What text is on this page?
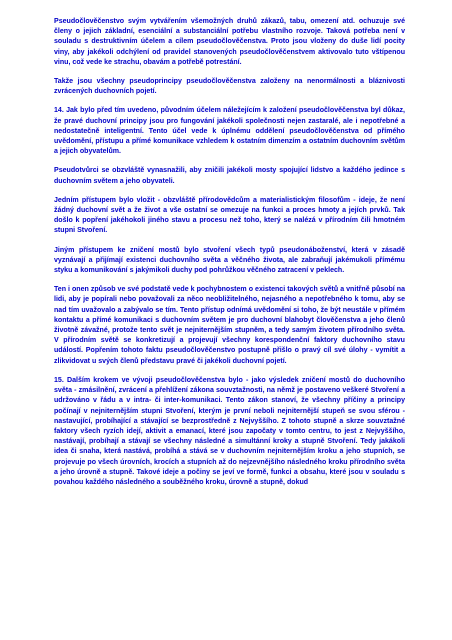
Pseudočlověčenstvo svým vytvářením všemožných druhů zákazů, tabu, omezení atd. ochuzuje své členy o jejich základní, esenciální a substanciální potřebu vlastního rozvoje. Taková potřeba není v souladu s destruktivním účelem a cílem pseudočlověčenstva. Proto jsou vloženy do duše lidí pocity viny, aby jakékoli odchýlení od pravidel stanovených pseudočlověčenstvem aktivovalo tuto vštípenou vinu, což vede ke strachu, obavám a potřebě potrestání.

Takže jsou všechny pseudoprincipy pseudočlověčenstva založeny na nenormálnosti a bláznivosti zvrácených duchovních pojetí.

14. Jak bylo před tím uvedeno, původním účelem náležejícím k založení pseudočlověčenstva byl důkaz, že pravé duchovní principy jsou pro fungování jakékoli společnosti nejen zastaralé, ale i nepotřebné a nedostatečně inteligentní. Tento účel vede k úplnému oddělení pseudočlověčenstva od přímého uvědomění, přístupu a přímé komunikace vzhledem k ostatním dimenzím a ostatním duchovním světům a jejich obyvatelům.

Pseudotvůrci se obzvláště vynasnažili, aby zničili jakékoli mosty spojující lidstvo a každého jedince s duchovním světem a jeho obyvateli.

Jedním přístupem bylo vložit - obzvláště přírodovědcům a materialistickým filosofům - ideje, že není žádný duchovní svět a že život a vše ostatní se omezuje na funkci a proces hmoty a jejích prvků. Tak došlo k popření jakéhokoli jiného stavu a procesu než toho, který se nalézá v přírodním čili hmotném stupni Stvoření.

Jiným přístupem ke zničení mostů bylo stvoření všech typů pseudonáboženství, která v zásadě vyznávají a přijímají existenci duchovního světa a věčného života, ale zabraňují jakémukoli přímému styku a komunikování s jakýmikoli duchy pod pohrůžkou věčného zatracení v peklech.

Ten i onen způsob ve své podstatě vede k pochybnostem o existenci takových světů a vnitřně působí na lidi, aby je popírali nebo považovali za něco neobližitelného, nejasného a nepotřebného k tomu, aby se nad tím uvažovalo a zabývalo se tím. Tento přístup odnímá uvědomění si toho, že být neustále v přímém kontaktu a přímé komunikaci s duchovním světem je pro duchovní blahobyt člověčenstva a jeho členů životně závažné, protože tento svět je nejniternějším stupněm, a tedy samým životem přírodního světa. V přírodním světě se konkretizují a projevují všechny korespondenční faktory duchovního stavu událostí. Popřením tohoto faktu pseudočlověčenstvo postupně přišlo o pravý cíl své úlohy - vymítit a zlikvidovat u svých členů představu pravé či jakékoli duchovní pojetí.

15. Dalším krokem ve vývoji pseudočlověčenstva bylo - jako výsledek zničení mostů do duchovního světa - zmásilnění, zvrácení a přehlížení zákona souvztažnosti, na němž je postaveno veškeré Stvoření a udržováno v řádu a v intra- či inter-komunikaci. Tento zákon stanoví, že všechny příčiny a principy počínají v nejniternějším stupni Stvoření, kterým je první neboli nejniternější stupeň se svou sférou - nastavující, probíhající a stávající se bezprostředně z Nejvyššího. Z tohoto stupně a skrze souvztažné faktory všech ryzích idejí, aktivit a emanací, které jsou započaty v tomto centru, to jest z Nejvyššího, nastávají, probíhají a stávají se všechny následné a simultánní kroky a stupně Stvoření. Tedy jakákoli idea či snaha, která nastává, probíhá a stává se v duchovním nejniternějším kroku a jeho stupních, se projevuje po všech úrovních, krocích a stupních až do nejzevnějšího následného kroku přírodního světa a jeho úrovně a stupně. Takové ideje a počiny se jeví ve formě, funkci a obsahu, které jsou v souladu s povahou každého následného a souběžného kroku, úrovně a stupně, dokud
